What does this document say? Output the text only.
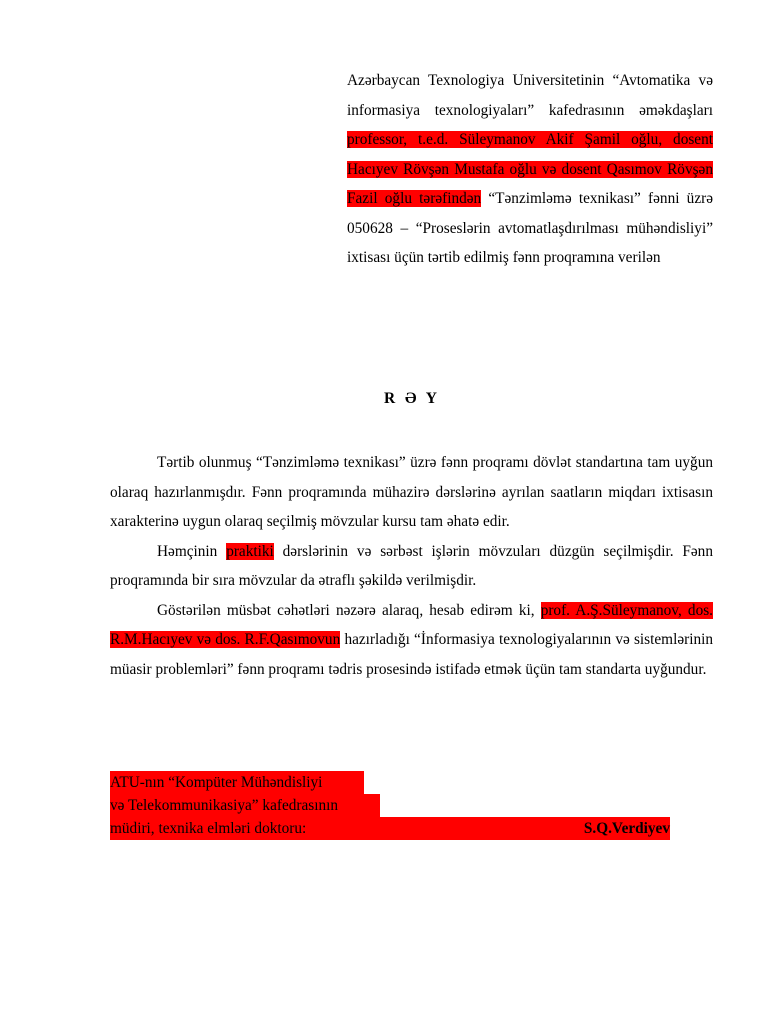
Azərbaycan Texnologiya Universitetinin “Avtomatika və informasiya texnologiyaları” kafedrasının əməkdaşları professor, t.e.d. Süleymanov Akif Şamil oğlu, dosent Hacıyev Rövşən Mustafa oğlu və dosent Qasımov Rövşən Fazil oğlu tərəfindən “Tənzimləmə texnikası” fənni üzrə 050628 – “Proseslərin avtomatlaşdırılması mühəndisliyi” ixtisası üçün tərtib edilmiş fənn proqramına verilən
R Ə Y

Tərtib olunmuş “Tənzimləmə texnikası” üzrə fənn proqramı dövlət standartına tam uyğun olaraq hazırlanmışdır. Fənn proqramında mühazirə dərslərinə ayrılan saatların miqdarı ixtisasın xarakterinə uygun olaraq seçilmiş mövzular kursu tam əhatə edir.

Həmçinin praktiki dərslərinin və sərbəst işlərin mövzuları düzgün seçilmişdir. Fənn proqramında bir sıra mövzular da ətraflı şəkildə verilmişdir.

Göstərilən müsbət cəhətləri nəzərə alaraq, hesab edirəm ki, prof. A.Ş.Süleymanov, dos. R.M.Hacıyev və dos. R.F.Qasımovun hazırladığı “İnformasiya texnologiyalarının və sistemlərinin müasir problemləri” fənn proqramı tədris prosesində istifadə etmək üçün tam standarta uyğundur.

ATU-nın “Kompüter Mühəndisliyi
və Telekommunikasiya” kafedrasının
müdiri, texnika elmləri doktoru:	S.Q.Verdiyev
